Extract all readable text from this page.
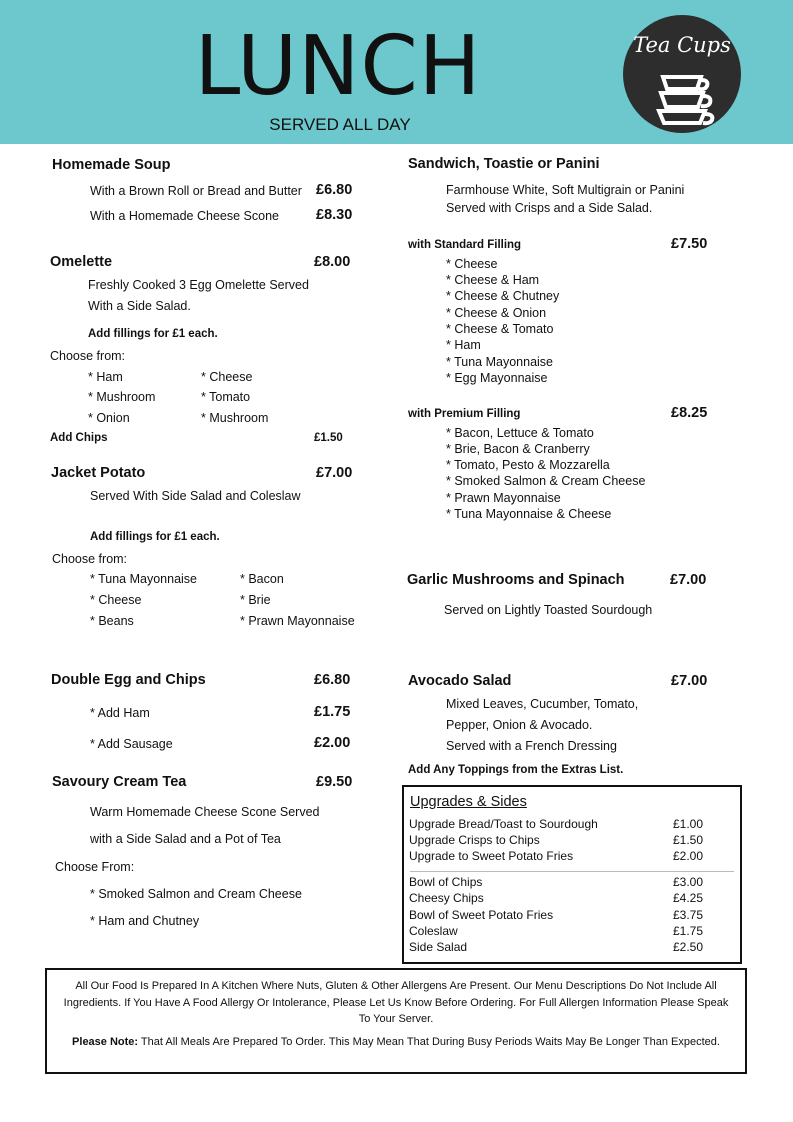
LUNCH
SERVED ALL DAY
Tea Cups
Homemade Soup
With a Brown Roll or Bread and Butter £6.80
With a Homemade Cheese Scone	£8.30
Omelette	£8.00
Freshly Cooked 3 Egg Omelette Served
With a Side Salad.
Add fillings for £1 each.
Choose from:
* Ham	* Cheese
* Mushroom	* Tomato
* Onion	* Mushroom
Add Chips	£1.50
Jacket Potato	£7.00
Served With Side Salad and Coleslaw
Add fillings for £1 each.
Choose from:
* Tuna Mayonnaise	* Bacon
* Cheese	* Brie
* Beans	* Prawn Mayonnaise
Double Egg and Chips	£6.80
* Add Ham	£1.75
* Add Sausage	£2.00
Savoury Cream Tea	£9.50
Warm Homemade Cheese Scone Served
with a Side Salad and a Pot of Tea
Choose From:
* Smoked Salmon and Cream Cheese
* Ham and Chutney
Sandwich, Toastie or Panini
Farmhouse White, Soft Multigrain or Panini
Served with Crisps and a Side Salad.
with Standard Filling	£7.50
* Cheese
* Cheese & Ham
* Cheese & Chutney
* Cheese & Onion
* Cheese & Tomato
* Ham
* Tuna Mayonnaise
* Egg Mayonnaise
with Premium Filling	£8.25
* Bacon, Lettuce & Tomato
* Brie, Bacon & Cranberry
* Tomato, Pesto & Mozzarella
* Smoked Salmon & Cream Cheese
* Prawn Mayonnaise
* Tuna Mayonnaise & Cheese
Garlic Mushrooms and Spinach	£7.00
Served on Lightly Toasted Sourdough
Avocado Salad	£7.00
Mixed Leaves, Cucumber, Tomato,
Pepper, Onion & Avocado.
Served with a French Dressing
Add Any Toppings from the Extras List.
Upgrades & Sides
Upgrade Bread/Toast to Sourdough	£1.00
Upgrade Crisps to Chips	£1.50
Upgrade to Sweet Potato Fries	£2.00
Bowl of Chips	£3.00
Cheesy Chips	£4.25
Bowl of Sweet Potato Fries	£3.75
Coleslaw	£1.75
Side Salad	£2.50
All Our Food Is Prepared In A Kitchen Where Nuts, Gluten & Other Allergens Are Present. Our Menu Descriptions Do Not Include All Ingredients. If You Have A Food Allergy Or Intolerance, Please Let Us Know Before Ordering. For Full Allergen Information Please Speak To Your Server.
Please Note: That All Meals Are Prepared To Order. This May Mean That During Busy Periods Waits May Be Longer Than Expected.
